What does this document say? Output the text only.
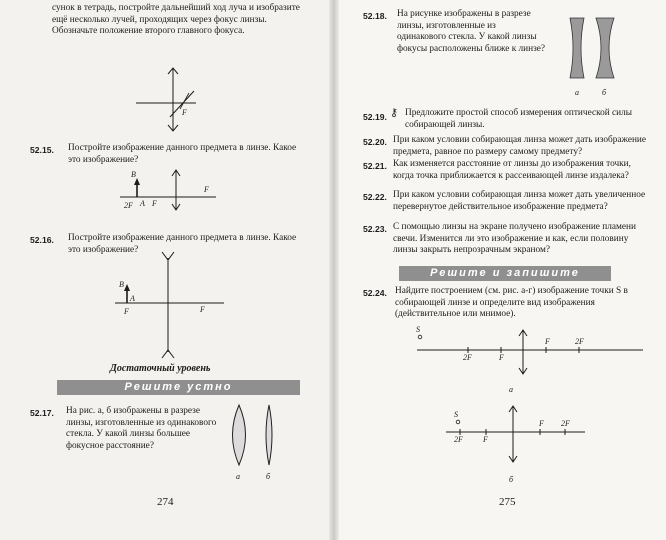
сунок в тетрадь, постройте дальнейший ход луча и изобразите ещё несколько лучей, проходящих через фокус линзы. Обозначьте положение второго главного фокуса.
F
52.15. Постройте изображение данного предмета в линзе. Какое это изображение?
B
2F A F
F
52.16. Постройте изображение данного предмета в линзе. Какое это изображение?
B
A
F	F
Достаточный уровень
Решите устно
52.17. На рис. а, б изображены в разрезе линзы, изготовленные из одинакового стекла. У какой линзы большее фокусное расстояние?
а	б
274
52.18. На рисунке изображены в разрезе линзы, изготовленные из одинакового стекла. У какой линзы фокусы расположены ближе к линзе?
а	б
52.19. ⚷ Предложите простой способ измерения оптической силы собирающей линзы.
52.20. При каком условии собирающая линза может дать изображение предмета, равное по размеру самому предмету?
52.21. Как изменяется расстояние от линзы до изображения точки, когда точка приближается к рассеивающей линзе издалека?
52.22. При каком условии собирающая линза может дать увеличенное перевернутое действительное изображение предмета?
52.23. С помощью линзы на экране получено изображение пламени свечи. Изменится ли это изображение и как, если половину линзы закрыть непрозрачным экраном?
Решите и запишите
52.24. Найдите построением (см. рис. а-г) изображение точки S в собирающей линзе и определите вид изображения (действительное или мнимое).
S
2F	F
F	2F
а
S
2F	F
F 2F
б
275
